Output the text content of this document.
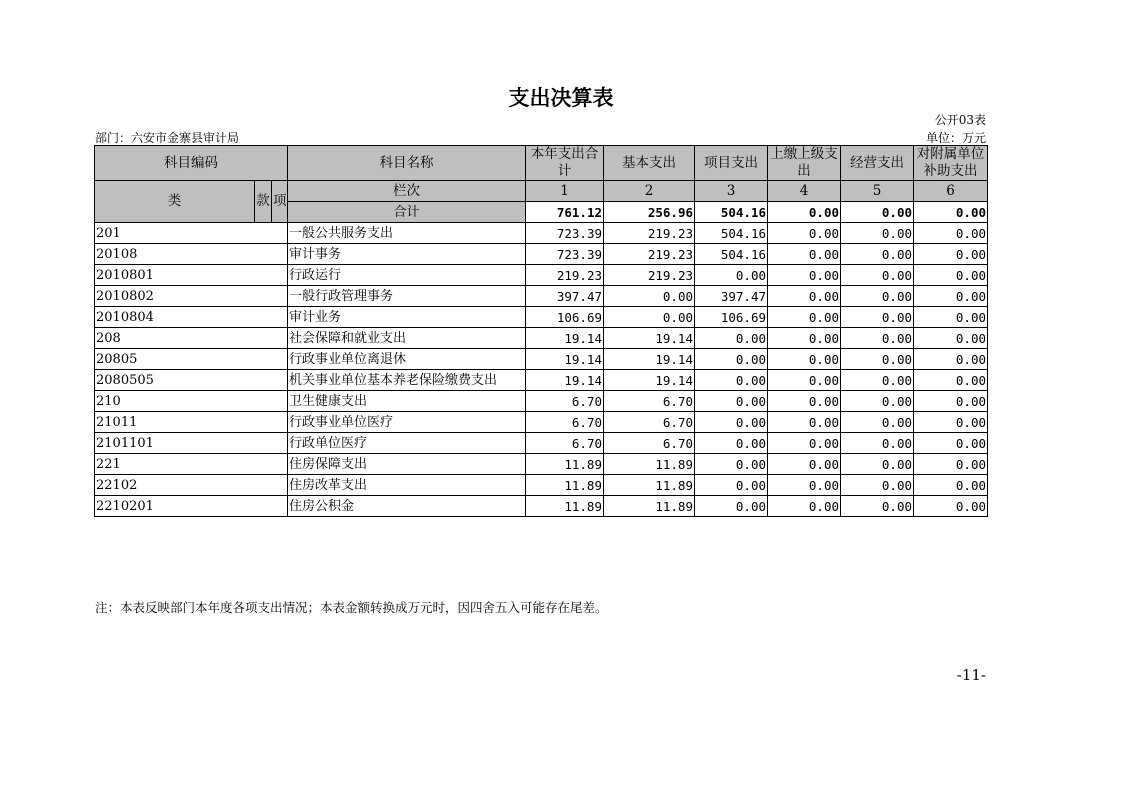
支出决算表
公开03表
部门：六安市金寨县审计局	单位：万元
科目编码			科目名称	本年支出合计	基本支出	项目支出	上缴上级支出	经营支出	对附属单位补助支出
类	款	项	栏次	1	2	3	4	5	6
			合计	761.12	256.96	504.16	0.00	0.00	0.00
201			一般公共服务支出	723.39	219.23	504.16	0.00	0.00	0.00
20108			审计事务	723.39	219.23	504.16	0.00	0.00	0.00
2010801			行政运行	219.23	219.23	0.00	0.00	0.00	0.00
2010802			一般行政管理事务	397.47	0.00	397.47	0.00	0.00	0.00
2010804			审计业务	106.69	0.00	106.69	0.00	0.00	0.00
208			社会保障和就业支出	19.14	19.14	0.00	0.00	0.00	0.00
20805			行政事业单位离退休	19.14	19.14	0.00	0.00	0.00	0.00
2080505			机关事业单位基本养老保险缴费支出	19.14	19.14	0.00	0.00	0.00	0.00
210			卫生健康支出	6.70	6.70	0.00	0.00	0.00	0.00
21011			行政事业单位医疗	6.70	6.70	0.00	0.00	0.00	0.00
2101101			行政单位医疗	6.70	6.70	0.00	0.00	0.00	0.00
221			住房保障支出	11.89	11.89	0.00	0.00	0.00	0.00
22102			住房改革支出	11.89	11.89	0.00	0.00	0.00	0.00
2210201			住房公积金	11.89	11.89	0.00	0.00	0.00	0.00
注：本表反映部门本年度各项支出情况；本表金额转换成万元时，因四舍五入可能存在尾差。
-11-
